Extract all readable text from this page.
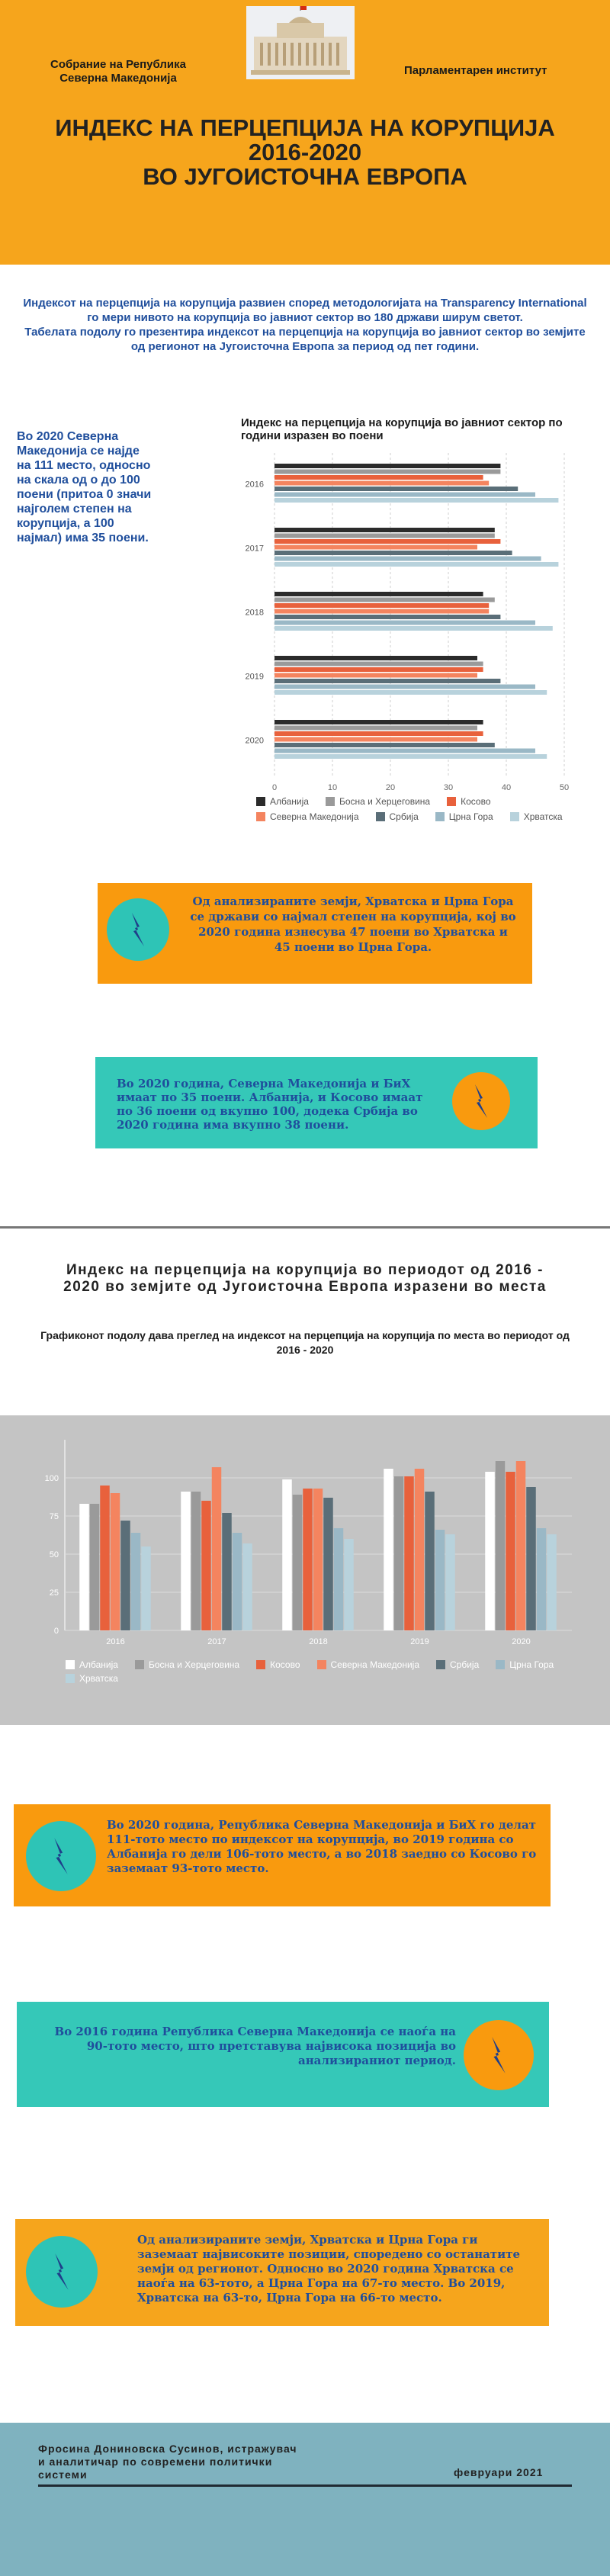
Собрание на Република Северна Македонија
Парламентарен институт
ИНДЕКС НА ПЕРЦЕПЦИЈА НА КОРУПЦИЈА
2016-2020
ВО ЈУГОИСТОЧНА ЕВРОПА
Индексот на перцепција на корупција развиен според методологијата на Transparency International го мери нивото на корупција во јавниот сектор во 180 држави ширум светот.
Табелата подолу го презентира индексот на перцепција на корупција во јавниот сектор во земјите од регионот на Југоисточна Европа за период од пет години.
Во 2020 Северна Македонија се најде на 111 место, односно на скала од о до 100 поени (притоа 0 значи најголем степен на корупција, а 100 најмал) има 35 поени.
Индекс на перцепција на корупција во јавниот сектор по години изразен во поени
0	10	20	30	40	50
2016
2017
2018
2019
2020
Албанија	Босна и Херцеговина	Косово
Северна Македонија	Србија	Црна Гора	Хрватска
Од анализираните земји, Хрватска и Црна Гора се држави со најмал степен на корупција, кој во 2020 година изнесува 47 поени во Хрватска и 45 поени во Црна Гора.
Во 2020 година, Северна Македонија и БиХ имаат по 35 поени. Албанија, и Косово имаат по 36 поени од вкупно 100, додека Србија во 2020 година има вкупно 38 поени.
Индекс на перцепција на корупција во периодот од 2016 - 2020 во земјите од Југоисточна Европа изразени во места
Графиконот подолу дава преглед на индексот на перцепција на корупција по места во периодот од 2016 - 2020
0
25
50
75
100
2016	2017	2018	2019	2020
Албанија	Босна и Херцеговина	Косово	Северна Македонија	Србија	Црна Гора
Хрватска
Во 2020 година, Република Северна Македонија и БиХ го делат 111-тото место по индексот на корупција, во 2019 година со Албанија го дели 106-тото место, а во 2018 заедно со Косово го заземаат 93-тото место.
Во 2016 година Република Северна Македонија се наоѓа на 90-тото место, што претставува највисока позиција во анализираниот период.
Од анализираните земји, Хрватска и Црна Гора ги заземаат највисоките позиции, споредено со останатите земји од регионот. Односно во 2020 година Хрватска се наоѓа на 63-тото, а Црна Гора на 67-то место. Во 2019, Хрватска на 63-то, Црна Гора на 66-то место.
Фросина Дониновска Сусинов, истражувач и аналитичар по современи политички системи	февруари 2021
